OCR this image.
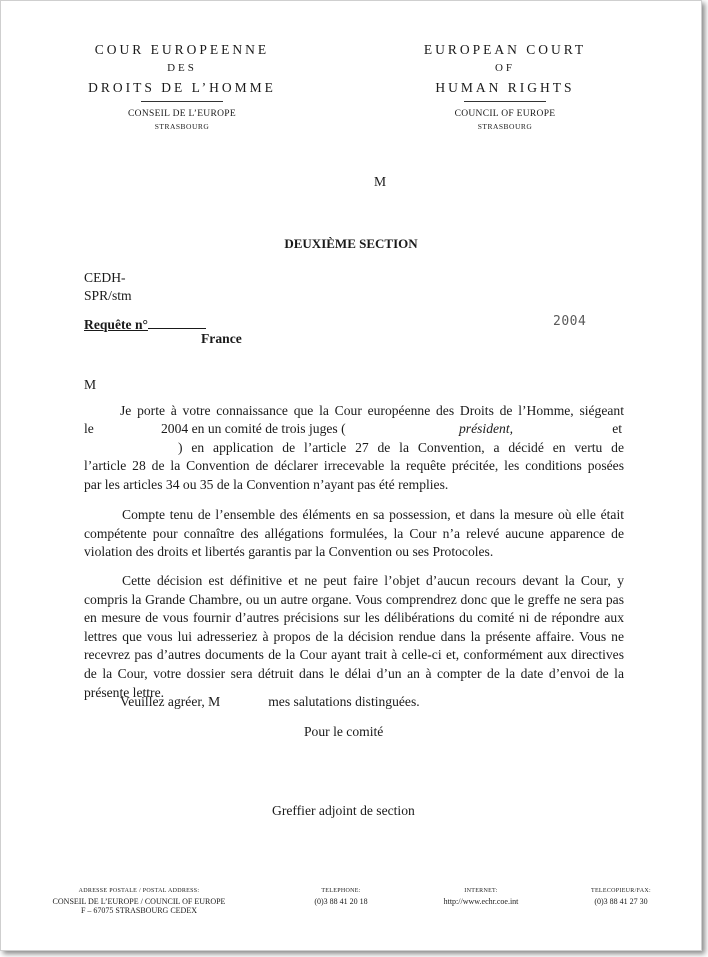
COUR EUROPEENNE
DES
DROITS DE L’HOMME
CONSEIL DE L’EUROPE
STRASBOURG
EUROPEAN COURT
OF
HUMAN RIGHTS
COUNCIL OF EUROPE
STRASBOURG
M
DEUXIÈME SECTION
CEDH-
SPR/stm
Requête n°	2004
France
M
Je porte à votre connaissance que la Cour européenne des Droits de l’Homme, siégeant
le	2004 en un comité de trois juges (	président,	et
) en application de l’article 27 de la Convention, a décidé en vertu de
l’article 28 de la Convention de déclarer irrecevable la requête précitée, les conditions posées
par les articles 34 ou 35 de la Convention n’ayant pas été remplies.
Compte tenu de l’ensemble des éléments en sa possession, et dans la mesure où elle était compétente pour connaître des allégations formulées, la Cour n’a relevé aucune apparence de violation des droits et libertés garantis par la Convention ou ses Protocoles.
Cette décision est définitive et ne peut faire l’objet d’aucun recours devant la Cour, y compris la Grande Chambre, ou un autre organe. Vous comprendrez donc que le greffe ne sera pas en mesure de vous fournir d’autres précisions sur les délibérations du comité ni de répondre aux lettres que vous lui adresseriez à propos de la décision rendue dans la présente affaire. Vous ne recevrez pas d’autres documents de la Cour ayant trait à celle-ci et, conformément aux directives de la Cour, votre dossier sera détruit dans le délai d’un an à compter de la date d’envoi de la présente lettre.
Veuillez agréer, M	mes salutations distinguées.
Pour le comité
Greffier adjoint de section
ADRESSE POSTALE / POSTAL ADDRESS:
CONSEIL DE L’EUROPE / COUNCIL OF EUROPE
F – 67075 STRASBOURG CEDEX
TELEPHONE:
(0)3 88 41 20 18
INTERNET:
http://www.echr.coe.int
TELECOPIEUR/FAX:
(0)3 88 41 27 30
